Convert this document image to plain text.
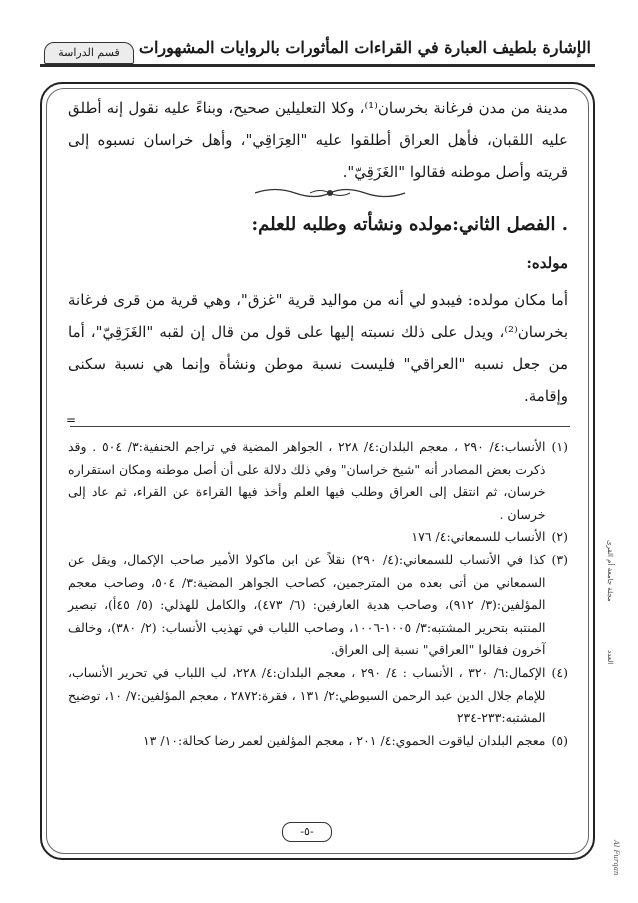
قسم الدراسة	الإشارة بلطيف العبارة في القراءات المأثورات بالروايات المشهورات
مدينة من مدن فرغانة بخرسان⁽¹⁾، وكلا التعليلين صحيح، وبناءً عليه نقول إنه أطلق عليه اللقبان، فأهل العراق أطلقوا عليه "العِرَاقِي"، وأهل خراسان نسبوه إلى قريته وأصل موطنه فقالوا "الغَزَقِيّ".
. الفصل الثاني:مولده ونشأته وطلبه للعلم:
مولده:
أما مكان مولده: فيبدو لي أنه من مواليد قرية "غزق"، وهي قرية من قرى فرغانة بخرسان⁽²⁾، ويدل على ذلك نسبته إليها على قول من قال إن لقبه "الغَزَقِيّ"، أما من جعل نسبه "العراقي" فليست نسبة موطن ونشأة وإنما هي نسبة سكنى وإقامة.
=
(١)
الأنساب:٤/ ٢٩٠ ، معجم البلدان:٤/ ٢٢٨ ، الجواهر المضية في تراجم الحنفية:٣/ ٥٠٤ . وقد ذكرت بعض المصادر أنه "شيخ خراسان" وفي ذلك دلالة على أن أصل موطنه ومكان استقراره خرسان، ثم انتقل إلى العراق وطلب فيها العلم وأخذ فيها القراءة عن القراء، ثم عاد إلى خرسان .
(٢)
الأنساب للسمعاني:٤/ ١٧٦
(٣)
كذا في الأنساب للسمعاني:(٤/ ٢٩٠) نقلاً عن ابن ماكولا الأمير صاحب الإكمال، ويقل عن السمعاني من أتى بعده من المترجمين، كصاحب الجواهر المضية:٣/ ٥٠٤، وصاحب معجم المؤلفين:(٣/ ٩١٢)، وصاحب هدية العارفين: (٦/ ٤٧٣)، والكامل للهذلي: (٥/ ٤٥أ)، تبصير المنتبه بتحرير المشتبه:٣/ ١٠٠٥-١٠٠٦، وصاحب اللباب في تهذيب الأنساب: (٢/ ٣٨٠)، وخالف آخرون فقالوا "العراقي" نسبة إلى العراق.
(٤)
الإكمال:٦/ ٣٢٠ ، الأنساب : ٤/ ٢٩٠ ، معجم البلدان:٤/ ٢٢٨، لب اللباب في تحرير الأنساب، للإمام جلال الدين عبد الرحمن السيوطي:٢/ ١٣١ ، فقرة:٢٨٧٢ ، معجم المؤلفين:٧/ ١٠، توضيح المشتبه:٢٣٣-٢٣٤
(٥)
معجم البلدان لياقوت الحموي:٤/ ٢٠١ ، معجم المؤلفين لعمر رضا كحالة:١٠/ ١٣
-٥-
مجلة جامعة أم القرى
العدد
Al Furqan
